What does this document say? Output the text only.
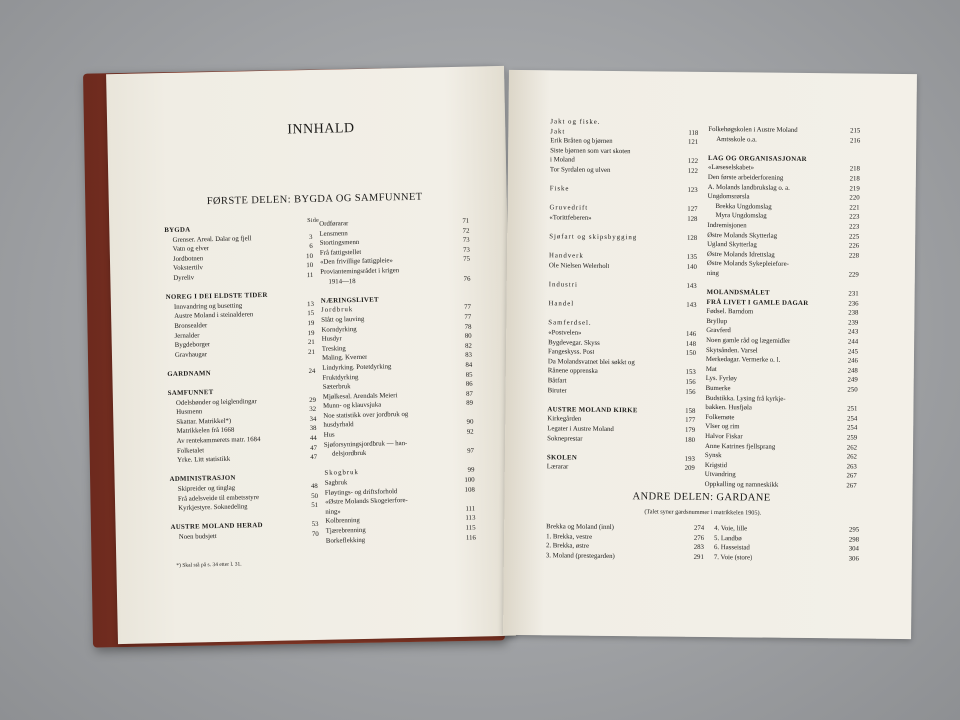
INNHALD
FØRSTE DELEN: BYGDA OG SAMFUNNET
Side
BYGDA
Grenser. Areal. Dalar og fjell	3
Vatn og elver	6
Jordbotnen	10
Vokstertilv	10
Dyreliv	11
NOREG I DEI ELDSTE TIDER
Innvandring og busetting	13
Austre Moland i steinalderen	15
Bronsealder	19
Jernalder	19
Bygdeborger	21
Gravhaugar	21
GARDNAMN	24
SAMFUNNET
Odelsbønder og leiglendingar	29
Husmenn	32
Skattar. Matrikkel*)	34
Matrikkelen frå 1668	38
Av rentekammerets matr. 1684	44
Folketalet	47
Yrke. Litt statistikk	47
ADMINISTRASJON
Skipreider og tinglag	48
Frå adelsveide til embetsstyre	50
Kyrkjestyre. Soknedeling	51
AUSTRE MOLAND HERAD	53
Noen budsjett	70
Ordførarar	71
Lensmenn	72
Stortingsmenn	73
Frå fattigstellet	73
«Den frivillige fattigpleie»	75
Proviantemingsrådet i krigen
1914—18	76
NÆRINGSLIVET
Jordbruk	77
Slått og lauving	77
Korndyrking	78
Husdyr	80
Tresking	82
Maling. Kverner	83
Lindyrking. Potetdyrking	84
Fruktdyrking	85
Sæterbruk	86
Mjølkesal. Arendals Meieri	87
Munn- og klauvsjuka	89
Noe statistikk over jordbruk og
husdyrhald	90
Hus	92
Sjøforsyningsjordbruk — han-
delsjordbruk	97
Skogbruk	99
Sagbruk	100
Fløytings- og driftsforhold	108
«Østre Molands Skogeierfore-
ning»	111
Kolbrenning	113
Tjærebrenning	115
Borkeflekking	116
*) Skal stå på s. 34 etter l. 31.
Jakt og fiske.
Jakt	118
Erik Bråten og bjørnen	121
Siste bjørnen som vart skoten
i Moland	122
Tor Syrdalen og ulven	122
Fiske	123
Gruvedrift	127
«Torittfeberen»	128
Sjøfart og skipsbygging	128
Handverk	135
Ole Nielsen Welerholt	140
Industri	143
Handel	143
Samferdsel.
«Postvelen»	146
Bygdevegar. Skyss	148
Fangeskyss. Post	150
Da Molandsvatnet blei søkkt og
Rånene opprenska	153
Båtfart	156
Biruter	156
AUSTRE MOLAND KIRKE	158
Kirkegården	177
Legater i Austre Moland	179
Sokneprestar	180
SKOLEN	193
Lærarar	209
Folkehøgskolen i Austre Moland	215
Amtsskole o.a.	216
LAG OG ORGANISASJONAR
«Læseselskabet»	218
Den første arbeiderforening	218
A. Molands landbrukslag o. a.	219
Ungdomsrørsla	220
Brekka Ungdomslag	221
Myra Ungdomslag	223
Indremisjonen	223
Østre Molands Skytterlag	225
Ugland Skytterlag	226
Østre Molands Idrettslag	228
Østre Molands Sykepleiefore-
ning	229
MOLANDSMÅLET	231
FRÅ LIVET I GAMLE DAGAR	236
Fødsel. Barndom	238
Bryllup	239
Gravferd	243
Noen gamle råd og lægemidler	244
Skytsånden. Varsel	245
Merkedagar. Vermerke o. l.	246
Mat	248
Lys. Fyrløy	249
Bumerke	250
Budstikka. Lysing frå kyrkje-
bakken. Husfjøla	251
Folkemøte	254
Vlser og rim	254
Halvor Fiskar	259
Anne Katrines fjellsprang	262
Synsk	262
Krigstid	263
Utvandring	267
Oppkalling og namneskikk	267
ANDRE DELEN: GARDANE
(Talet syner gardsnummer i matrikkelen 1905).
Brekka og Moland (innl)	274
1. Brekka, vestre	276
2. Brekka, østre	283
3. Moland (prestegarden)	291
4. Voie, lille	295
5. Landbø	298
6. Hasseistad	304
7. Voie (store)	306
